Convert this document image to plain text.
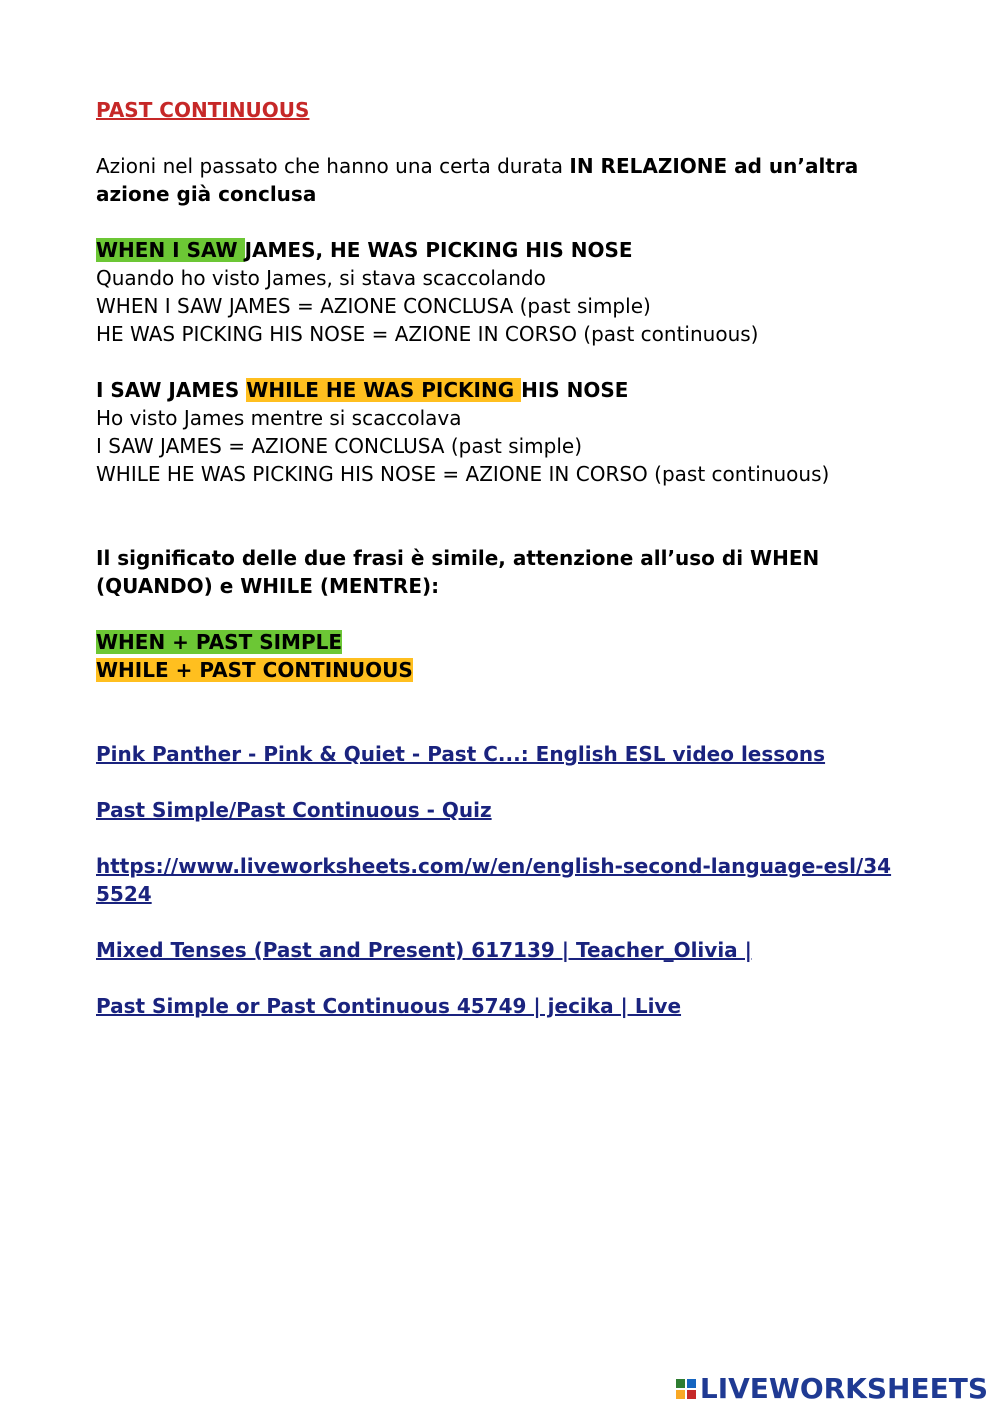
PAST CONTINUOUS

Azioni nel passato che hanno una certa durata IN RELAZIONE ad un’altra azione già conclusa

WHEN I SAW JAMES, HE WAS PICKING HIS NOSE

Quando ho visto James, si stava scaccolando

WHEN I SAW JAMES = AZIONE CONCLUSA (past simple)

HE WAS PICKING HIS NOSE = AZIONE IN CORSO (past continuous)

I SAW JAMES WHILE HE WAS PICKING HIS NOSE

Ho visto James mentre si scaccolava

I SAW JAMES = AZIONE CONCLUSA (past simple)

WHILE HE WAS PICKING HIS NOSE = AZIONE IN CORSO (past continuous)

Il significato delle due frasi è simile, attenzione all’uso di WHEN (QUANDO) e WHILE (MENTRE):

WHEN + PAST SIMPLE

WHILE + PAST CONTINUOUS

Pink Panther - Pink & Quiet - Past C...: English ESL video lessons
Past Simple/Past Continuous - Quiz
https://www.liveworksheets.com/w/en/english-second-language-esl/345524
Mixed Tenses (Past and Present) 617139 | Teacher_Olivia |
Past Simple or Past Continuous 45749 | jecika | Live
LIVEWORKSHEETS
